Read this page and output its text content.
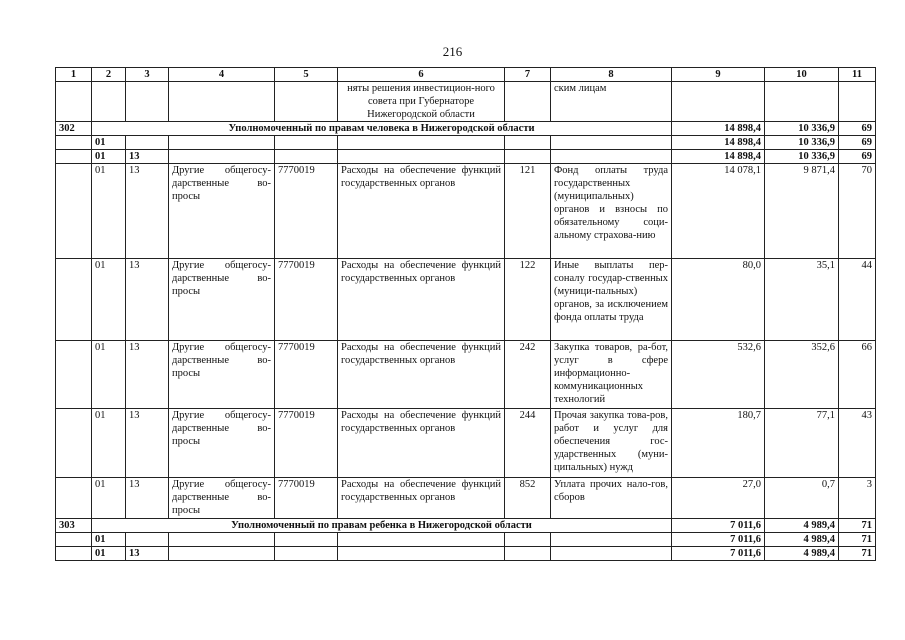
216
1	2	3	4	5	6	7	8	9	10	11
					няты решения инвестицион-ного совета при Губернаторе Нижегородской области		ским лицам			
302	Уполномоченный по правам человека в Нижегородской области							14 898,4	10 336,9	69
	01							14 898,4	10 336,9	69
	01	13						14 898,4	10 336,9	69
	01	13	Другие общегосу-дарственные во-просы	7770019	Расходы на обеспечение функций государственных органов	121	Фонд оплаты труда государственных (муниципальных) органов и взносы по обязательному соци-альному страхова-нию	14 078,1	9 871,4	70
	01	13	Другие общегосу-дарственные во-просы	7770019	Расходы на обеспечение функций государственных органов	122	Иные выплаты пер-соналу государ-ственных (муници-пальных) органов, за исключением фонда оплаты труда	80,0	35,1	44
	01	13	Другие общегосу-дарственные во-просы	7770019	Расходы на обеспечение функций государственных органов	242	Закупка товаров, ра-бот, услуг в сфере информационно-коммуникационных технологий	532,6	352,6	66
	01	13	Другие общегосу-дарственные во-просы	7770019	Расходы на обеспечение функций государственных органов	244	Прочая закупка това-ров, работ и услуг для обеспечения гос-ударственных (муни-ципальных) нужд	180,7	77,1	43
	01	13	Другие общегосу-дарственные во-просы	7770019	Расходы на обеспечение функций государственных органов	852	Уплата прочих нало-гов, сборов	27,0	0,7	3
303	Уполномоченный по правам ребенка в Нижегородской области							7 011,6	4 989,4	71
	01							7 011,6	4 989,4	71
	01	13						7 011,6	4 989,4	71
